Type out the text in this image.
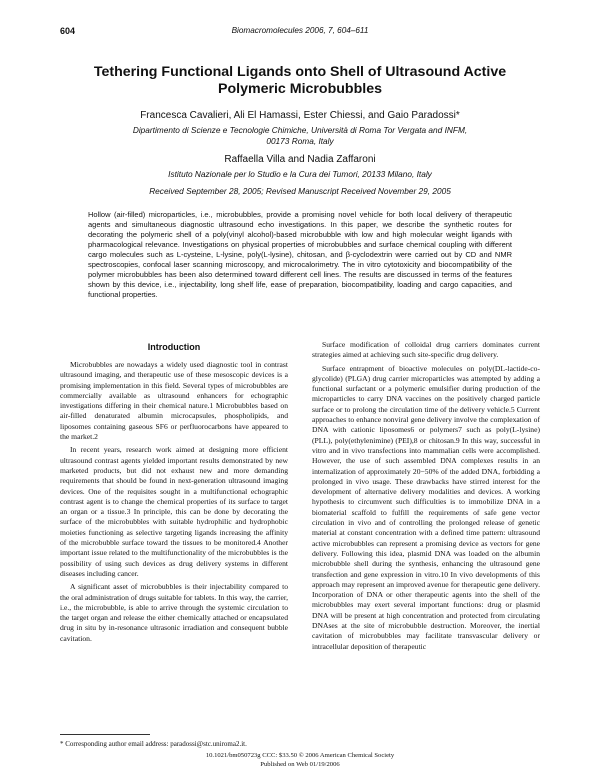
604	Biomacromolecules 2006, 7, 604–611
Tethering Functional Ligands onto Shell of Ultrasound Active Polymeric Microbubbles
Francesca Cavalieri, Ali El Hamassi, Ester Chiessi, and Gaio Paradossi*
Dipartimento di Scienze e Tecnologie Chimiche, Università di Roma Tor Vergata and INFM,
00173 Roma, Italy
Raffaella Villa and Nadia Zaffaroni
Istituto Nazionale per lo Studio e la Cura dei Tumori, 20133 Milano, Italy
Received September 28, 2005; Revised Manuscript Received November 29, 2005
Hollow (air-filled) microparticles, i.e., microbubbles, provide a promising novel vehicle for both local delivery of therapeutic agents and simultaneous diagnostic ultrasound echo investigations. In this paper, we describe the synthetic routes for decorating the polymeric shell of a poly(vinyl alcohol)-based microbubble with low and high molecular weight ligands with pharmacological relevance. Investigations on physical properties of microbubbles and surface chemical coupling with different cargo molecules such as L-cysteine, L-lysine, poly(L-lysine), chitosan, and β-cyclodextrin were carried out by CD and NMR spectroscopies, confocal laser scanning microscopy, and microcalorimetry. The in vitro cytotoxicity and biocompatibility of the polymer microbubbles has been also determined toward different cell lines. The results are discussed in terms of the features shown by this device, i.e., injectability, long shelf life, ease of preparation, biocompatibility, loading and cargo capacities, and functional properties.
Introduction

Microbubbles are nowadays a widely used diagnostic tool in contrast ultrasound imaging, and therapeutic use of these mesoscopic devices is a promising implementation in this field. Several types of microbubbles are commercially available as ultrasound enhancers for echographic investigations differing in their chemical nature.1 Microbubbles based on air-filled denaturated albumin microcapsules, phospholipids, and liposomes containing gaseous SF6 or perfluorocarbons have appeared to the market.2

In recent years, research work aimed at designing more efficient ultrasound contrast agents yielded important results demonstrated by new marketed products, but did not exhaust new and more demanding requirements that should be found in next-generation ultrasound imaging devices. One of the requisites sought in a multifunctional echographic contrast agent is to change the chemical properties of its surface to target an organ or a tissue.3 In principle, this can be done by decorating the surface of the microbubbles with suitable hydrophilic and hydrophobic moieties functioning as selective targeting ligands increasing the affinity of the microbubble surface toward the tissues to be monitored.4 Another important issue related to the multifunctionality of the microbubbles is the possibility of using such devices as drug delivery systems in different diseases including cancer.

A significant asset of microbubbles is their injectability compared to the oral administration of drugs suitable for tablets. In this way, the carrier, i.e., the microbubble, is able to arrive through the systemic circulation to the target organ and release the either chemically attached or encapsulated drug in situ by in-resonance ultrasonic irradiation and consequent bubble cavitation.

Surface modification of colloidal drug carriers dominates current strategies aimed at achieving such site-specific drug delivery.

Surface entrapment of bioactive molecules on poly(DL-lactide-co-glycolide) (PLGA) drug carrier microparticles was attempted by adding a functional surfactant or a polymeric emulsifier during production of the microparticles to carry DNA vaccines on the positively charged particle surface or to prolong the circulation time of the delivery vehicle.5 Current approaches to enhance nonviral gene delivery involve the complexation of DNA with cationic liposomes6 or polymers7 such as poly(L-lysine) (PLL), poly(ethylenimine) (PEI),8 or chitosan.9 In this way, successful in vitro and in vivo transfections into mammalian cells were accomplished. However, the use of such assembled DNA complexes results in an internalization of approximately 20−50% of the added DNA, forbidding a prolonged in vivo usage. These drawbacks have stirred interest for the development of alternative delivery modalities and devices. A working hypothesis to circumvent such difficulties is to immobilize DNA in a biomaterial scaffold to fulfill the requirements of safe gene vector circulation in vivo and of controlling the prolonged release of genetic material at constant concentration with a defined time pattern: ultrasound active microbubbles can represent a promising device as vectors for gene delivery. Following this idea, plasmid DNA was loaded on the albumin microbubble shell during the synthesis, enhancing the ultrasound gene transfection and gene expression in vitro.10 In vivo developments of this approach may represent an improved avenue for therapeutic gene delivery. Incorporation of DNA or other therapeutic agents into the shell of the microbubbles may exert several important functions: drug or plasmid DNA will be present at high concentration and protected from circulating DNAses at the site of microbubble destruction. Moreover, the inertial cavitation of microbubbles may facilitate transvascular delivery or intracellular deposition of therapeutic

* Corresponding author email address: paradossi@stc.uniroma2.it.
10.1021/bm050723g CCC: $33.50 © 2006 American Chemical Society
Published on Web 01/19/2006
